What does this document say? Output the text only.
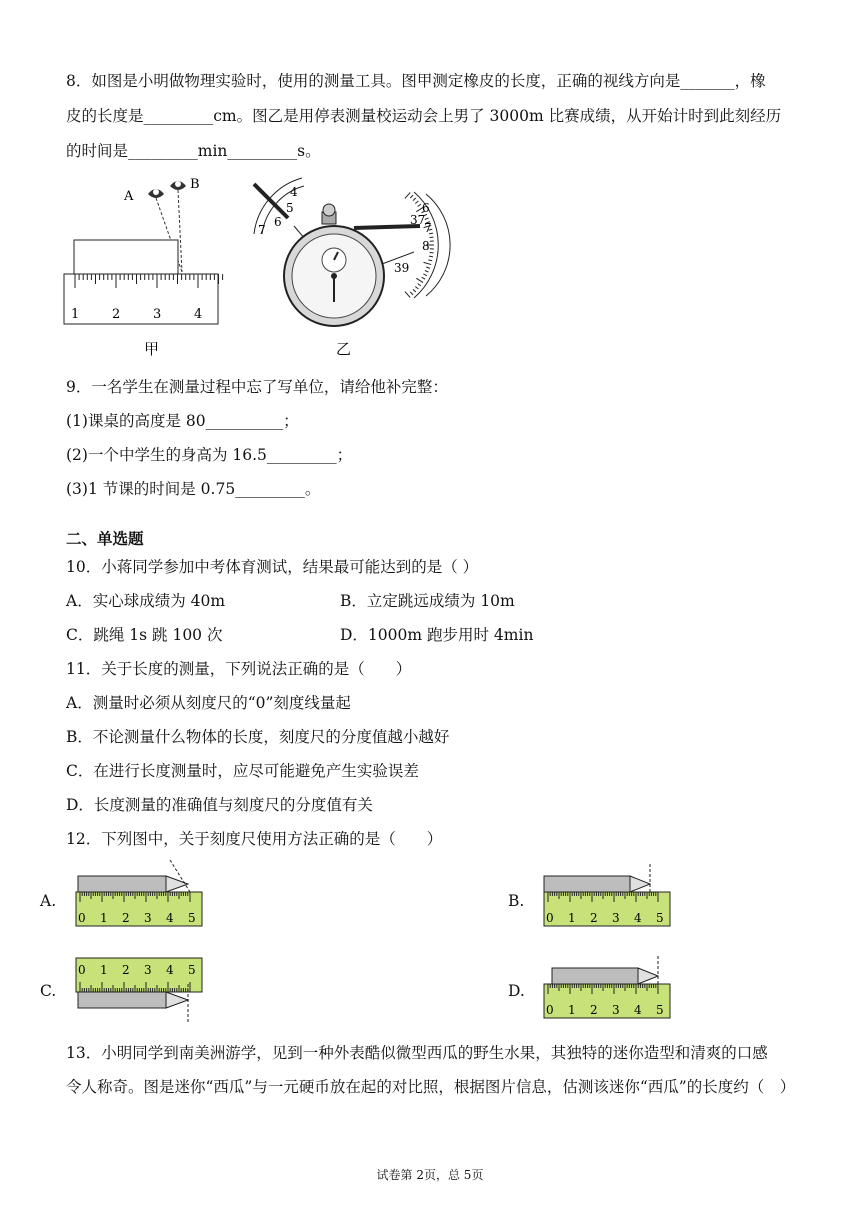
8．如图是小明做物理实验时，使用的测量工具。图甲测定橡皮的长度，正确的视线方向是_______，橡
皮的长度是_________cm。图乙是用停表测量校运动会上男了 3000m 比赛成绩，从开始计时到此刻经历
的时间是_________min_________s。
A
B
1	2	3	4
甲
4
5
6
7
6
37
7
8
39
乙
9．一名学生在测量过程中忘了写单位，请给他补完整：
(1)课桌的高度是 80__________；
(2)一个中学生的身高为 16.5_________；
(3)1 节课的时间是 0.75_________。
二、单选题
10．小蒋同学参加中考体育测试，结果最可能达到的是（ ）
A．实心球成绩为 40m	B．立定跳远成绩为 10m
C．跳绳 1s 跳 100 次	D．1000m 跑步用时 4min
11．关于长度的测量，下列说法正确的是（　　）
A．测量时必须从刻度尺的“0”刻度线量起
B．不论测量什么物体的长度，刻度尺的分度值越小越好
C．在进行长度测量时，应尽可能避免产生实验误差
D．长度测量的准确值与刻度尺的分度值有关
12．下列图中，关于刻度尺使用方法正确的是（　　）
A.	B.
C.	D.
0 1 2 3 4 5	0 1 2 3 4 5
0 1 2 3 4 5
0 1 2 3 4 5
13．小明同学到南美洲游学，见到一种外表酷似微型西瓜的野生水果，其独特的迷你造型和清爽的口感
令人称奇。图是迷你“西瓜”与一元硬币放在起的对比照，根据图片信息，估测该迷你“西瓜”的长度约（　）
试卷第 2页，总 5页
